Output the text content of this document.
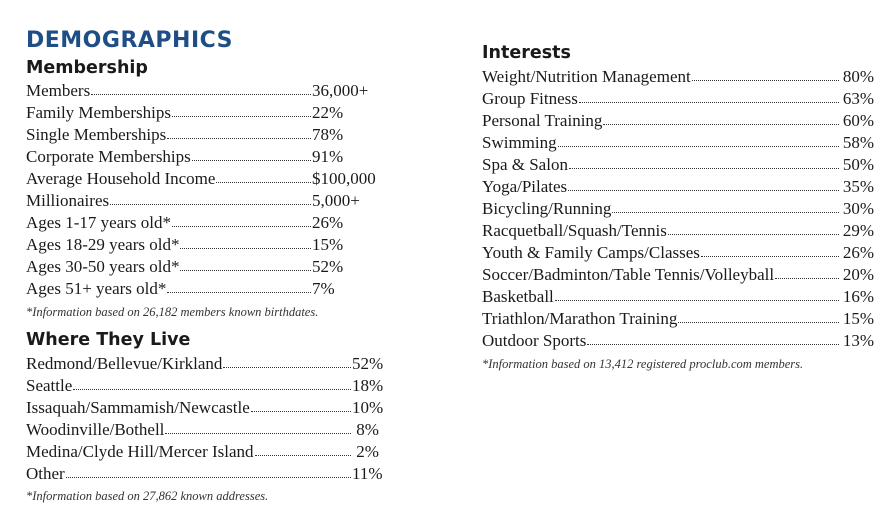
DEMOGRAPHICS
Membership
Members	36,000+
Family Memberships	22%
Single Memberships	78%
Corporate Memberships	91%
Average Household Income	$100,000
Millionaires	5,000+
Ages 1-17 years old*	26%
Ages 18-29 years old*	15%
Ages 30-50 years old*	52%
Ages 51+ years old*	7%
*Information based on 26,182 members known birthdates.
Where They Live
Redmond/Bellevue/Kirkland	52%
Seattle	18%
Issaquah/Sammamish/Newcastle	10%
Woodinville/Bothell	8%
Medina/Clyde Hill/Mercer Island	2%
Other	11%
*Information based on 27,862 known addresses.
Interests
Weight/Nutrition Management	80%
Group Fitness	63%
Personal Training	60%
Swimming	58%
Spa & Salon	50%
Yoga/Pilates	35%
Bicycling/Running	30%
Racquetball/Squash/Tennis	29%
Youth & Family Camps/Classes	26%
Soccer/Badminton/Table Tennis/Volleyball	20%
Basketball	16%
Triathlon/Marathon Training	15%
Outdoor Sports	13%
*Information based on 13,412 registered proclub.com members.
